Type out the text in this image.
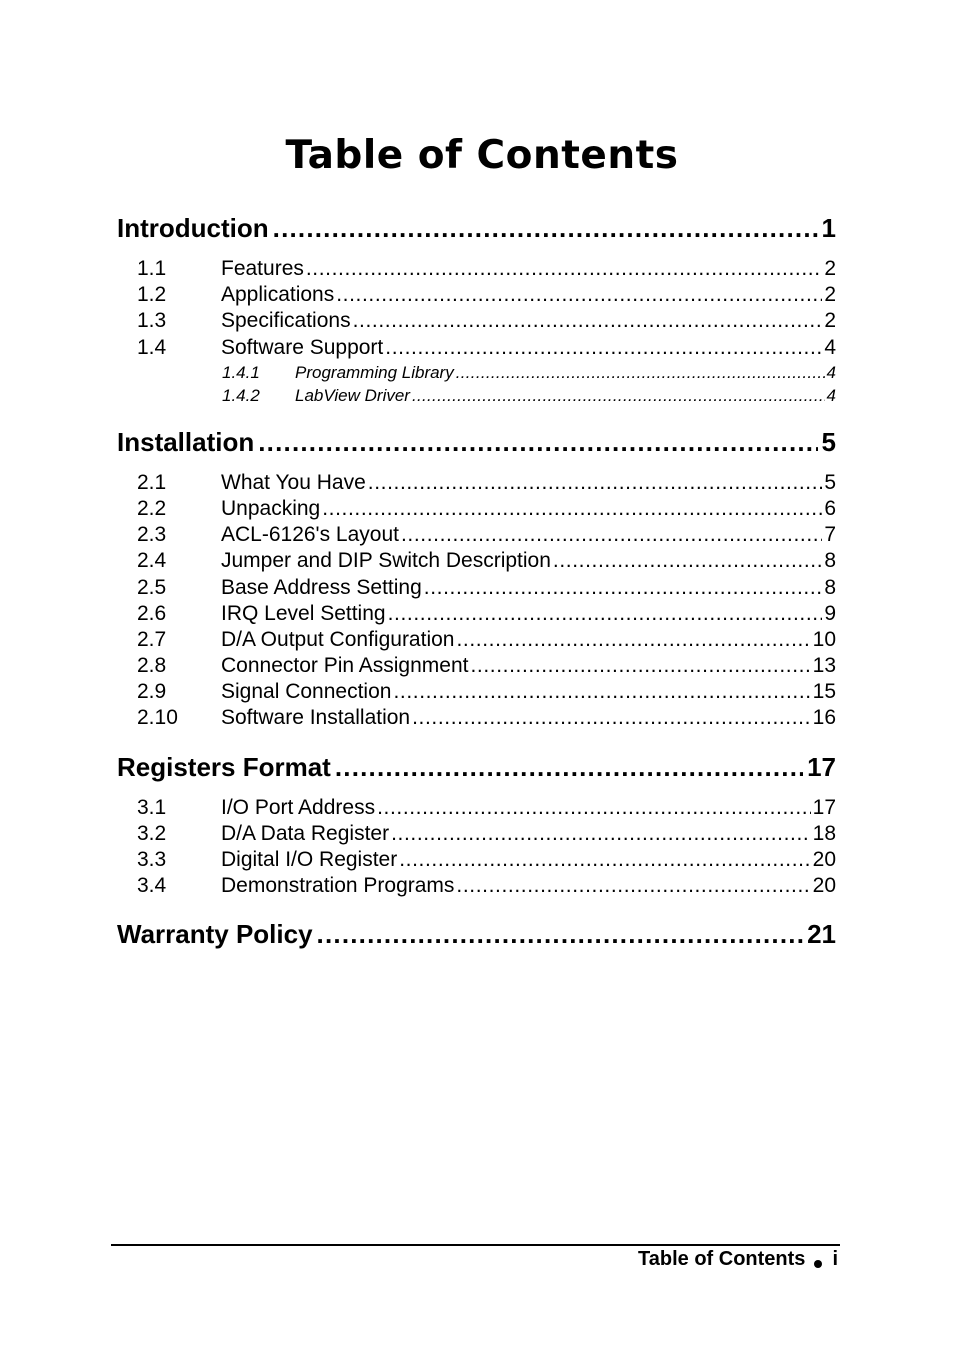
Table of Contents
Introduction .....	1
1.1	Features .....	2
1.2	Applications .....	2
1.3	Specifications .....	2
1.4	Software Support .....	4
1.4.1	Programming Library .....	4
1.4.2	LabView Driver .....	4
Installation .....	5
2.1	What You Have .....	5
2.2	Unpacking .....	6
2.3	ACL-6126's Layout .....	7
2.4	Jumper and DIP Switch Description .....	8
2.5	Base Address Setting .....	8
2.6	IRQ Level Setting .....	9
2.7	D/A Output Configuration .....	10
2.8	Connector Pin Assignment .....	13
2.9	Signal Connection .....	15
2.10	Software Installation .....	16
Registers Format .....	17
3.1	I/O Port Address .....	17
3.2	D/A Data Register .....	18
3.3	Digital I/O Register .....	20
3.4	Demonstration Programs .....	20
Warranty Policy .....	21
Table of Contents i
